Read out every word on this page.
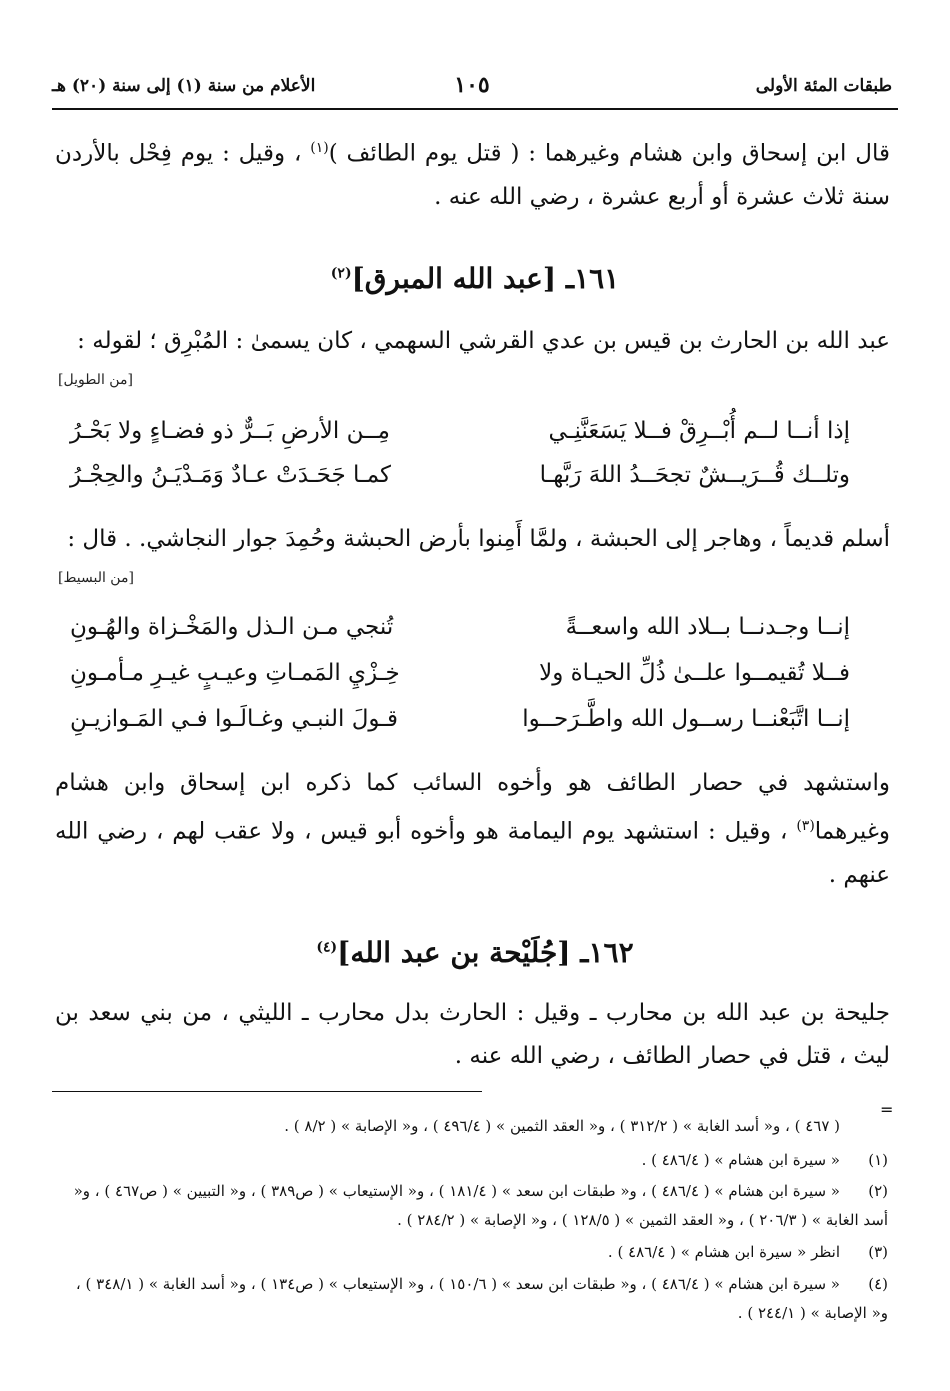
طبقات المئة الأولى
١٠٥
الأعلام من سنة (١) إلى سنة (٢٠) هـ

قال ابن إسحاق وابن هشام وغيرهما : ( قتل يوم الطائف )$^{(١)}$ ، وقيل : يوم فِحْل بالأردن سنة ثلاث عشرة أو أربع عشرة ، رضي الله عنه .

١٦١ـ [عبد الله المبرق]$^{(٢)}$

عبد الله بن الحارث بن قيس بن عدي القرشي السهمي ، كان يسمىٰ : المُبْرِق ؛ لقوله :

[من الطويل]
إذا أنــا لــم أُبْــرِقْ فــلا يَسَعَنَّنِـي
مِــن الأرضِ بَــرٌّ ذو فضـاءٍ ولا بَحْـرُ
وتلــك قُــرَيــشٌ تجحَــدُ اللهَ رَبَّهـا
كمـا جَحَـدَتْ عـادٌ وَمَـدْيَـنُ والحِجْـرُ

أسلم قديماً ، وهاجر إلى الحبشة ، ولمَّا أَمِنوا بأرض الحبشة وحُمِدَ جوار النجاشي. . قال :

[من البسيط]
إنــا وجـدنــا بــلاد الله واسعــةً
تُنجي مـن الـذل والمَخْـزاة والهُـونِ
فــلا تُقيمــوا علــىٰ ذُلِّ الحيـاة ولا
خِـزْيِ المَمـاتِ وعيـبٍ غيـرِ مـأمـونِ
إنــا اتَّبَعْنــا رســول الله واطَّـرَحــوا
قـولَ النبـي وغـالَـوا فـي المَـوازيـنِ

واستشهد في حصار الطائف هو وأخوه السائب كما ذكره ابن إسحاق وابن هشام وغيرهما$^{(٣)}$ ، وقيل : استشهد يوم اليمامة هو وأخوه أبو قيس ، ولا عقب لهم ، رضي الله عنهم .

١٦٢ـ [جُلَيْحة بن عبد الله]$^{(٤)}$

جليحة بن عبد الله بن محارب ـ وقيل : الحارث بدل محارب ـ الليثي ، من بني سعد بن ليث ، قتل في حصار الطائف ، رضي الله عنه .

=

( ٤٦٧ ) ، و« أسد الغابة » ( ٣١٢/٢ ) ، و« العقد الثمين » ( ٤٩٦/٤ ) ، و« الإصابة » ( ٨/٢ ) .

(١)« سيرة ابن هشام » ( ٤٨٦/٤ ) .

(٢)« سيرة ابن هشام » ( ٤٨٦/٤ ) ، و« طبقات ابن سعد » ( ١٨١/٤ ) ، و« الإستيعاب » ( ص٣٨٩ ) ، و« التبيين » ( ص٤٦٧ ) ، و« أسد الغابة » ( ٢٠٦/٣ ) ، و« العقد الثمين » ( ١٢٨/٥ ) ، و« الإصابة » ( ٢٨٤/٢ ) .

(٣)انظر « سيرة ابن هشام » ( ٤٨٦/٤ ) .

(٤)« سيرة ابن هشام » ( ٤٨٦/٤ ) ، و« طبقات ابن سعد » ( ١٥٠/٦ ) ، و« الإستيعاب » ( ص١٣٤ ) ، و« أسد الغابة » ( ٣٤٨/١ ) ، و« الإصابة » ( ٢٤٤/١ ) .
